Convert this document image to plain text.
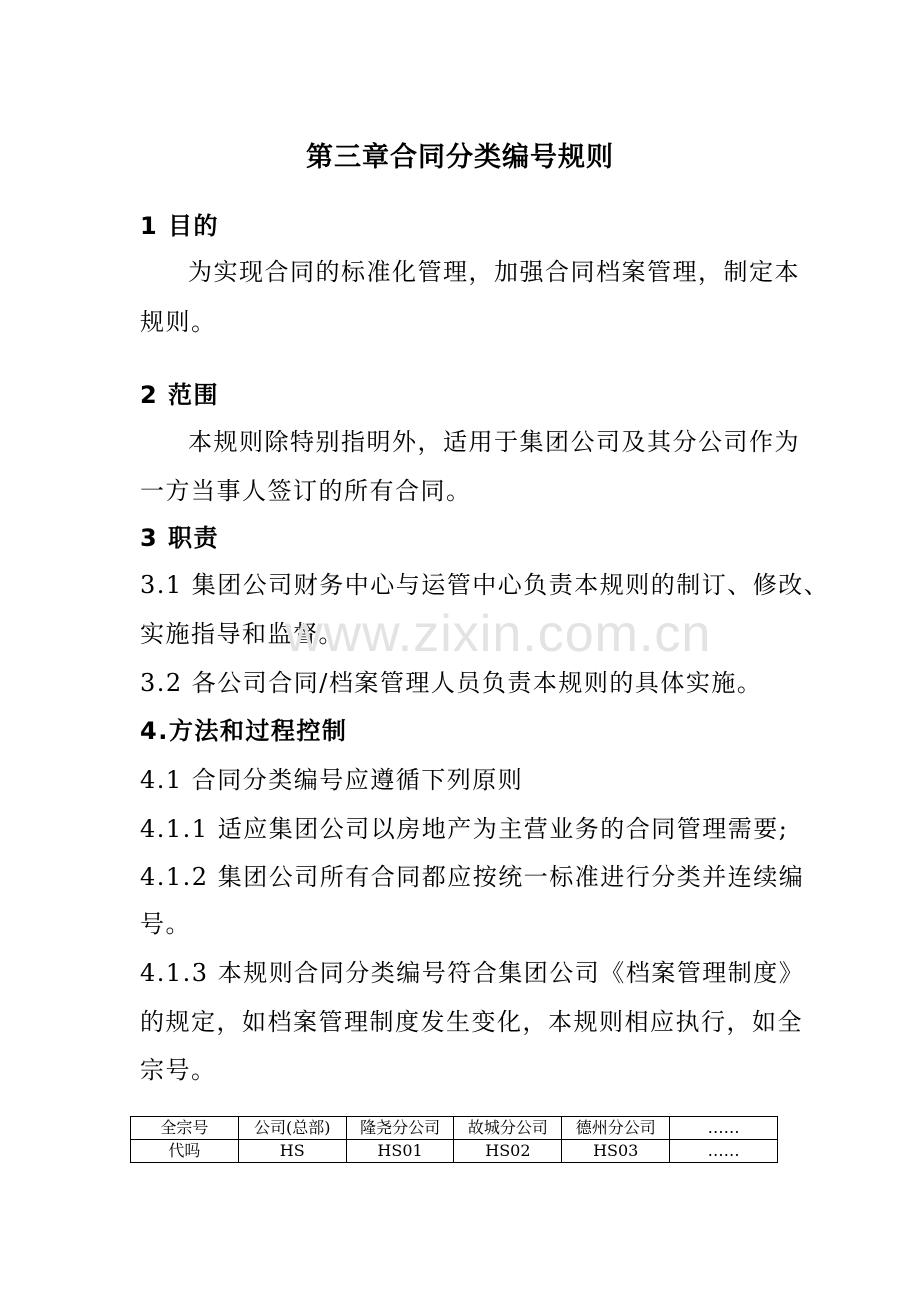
第三章合同分类编号规则
1 目的
为实现合同的标准化管理，加强合同档案管理，制定本
规则。
2 范围
本规则除特别指明外，适用于集团公司及其分公司作为
一方当事人签订的所有合同。
3 职责
3.1 集团公司财务中心与运管中心负责本规则的制订、修改、
实施指导和监督。
3.2 各公司合同/档案管理人员负责本规则的具体实施。
4.方法和过程控制
4.1 合同分类编号应遵循下列原则
4.1.1 适应集团公司以房地产为主营业务的合同管理需要;
4.1.2 集团公司所有合同都应按统一标准进行分类并连续编
号。
4.1.3 本规则合同分类编号符合集团公司《档案管理制度》
的规定，如档案管理制度发生变化，本规则相应执行，如全
宗号。
www.zixin.com.cn
全宗号	公司(总部)	隆尧分公司	故城分公司	德州分公司	……
代吗	HS	HS01	HS02	HS03	……
